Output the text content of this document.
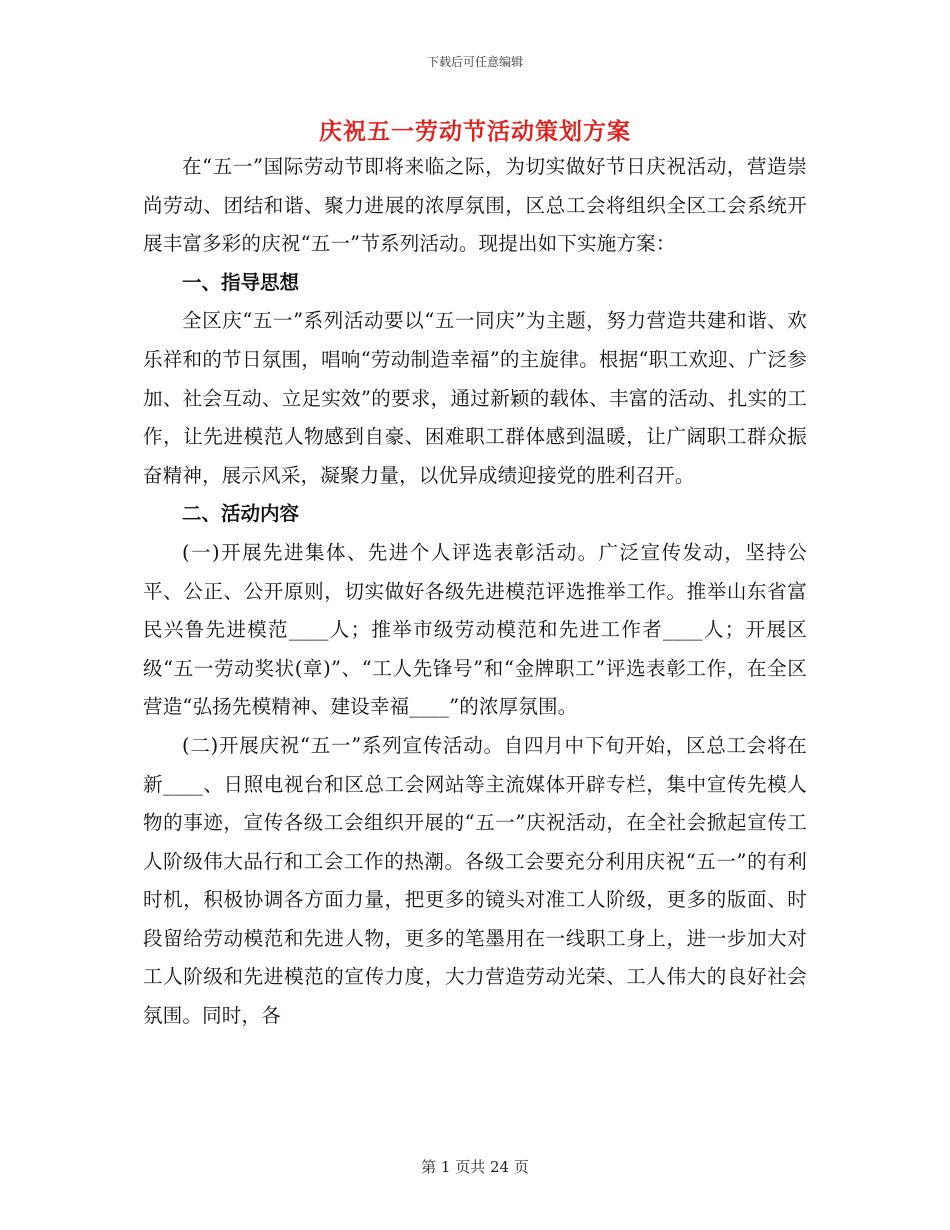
下载后可任意编辑
庆祝五一劳动节活动策划方案

在“五一”国际劳动节即将来临之际，为切实做好节日庆祝活动，营造崇尚劳动、团结和谐、聚力进展的浓厚氛围，区总工会将组织全区工会系统开展丰富多彩的庆祝“五一”节系列活动。现提出如下实施方案：

一、指导思想

全区庆“五一”系列活动要以“五一同庆”为主题，努力营造共建和谐、欢乐祥和的节日氛围，唱响“劳动制造幸福”的主旋律。根据“职工欢迎、广泛参加、社会互动、立足实效”的要求，通过新颖的载体、丰富的活动、扎实的工作，让先进模范人物感到自豪、困难职工群体感到温暖，让广阔职工群众振奋精神，展示风采，凝聚力量，以优异成绩迎接党的胜利召开。

二、活动内容

(一)开展先进集体、先进个人评选表彰活动。广泛宣传发动，坚持公平、公正、公开原则，切实做好各级先进模范评选推举工作。推举山东省富民兴鲁先进模范____人；推举市级劳动模范和先进工作者____人；开展区级“五一劳动奖状(章)”、“工人先锋号”和“金牌职工”评选表彰工作，在全区营造“弘扬先模精神、建设幸福____”的浓厚氛围。

(二)开展庆祝“五一”系列宣传活动。自四月中下旬开始，区总工会将在新____、日照电视台和区总工会网站等主流媒体开辟专栏，集中宣传先模人物的事迹，宣传各级工会组织开展的“五一”庆祝活动，在全社会掀起宣传工人阶级伟大品行和工会工作的热潮。各级工会要充分利用庆祝“五一”的有利时机，积极协调各方面力量，把更多的镜头对准工人阶级，更多的版面、时段留给劳动模范和先进人物，更多的笔墨用在一线职工身上，进一步加大对工人阶级和先进模范的宣传力度，大力营造劳动光荣、工人伟大的良好社会氛围。同时，各

第 1 页共 24 页
